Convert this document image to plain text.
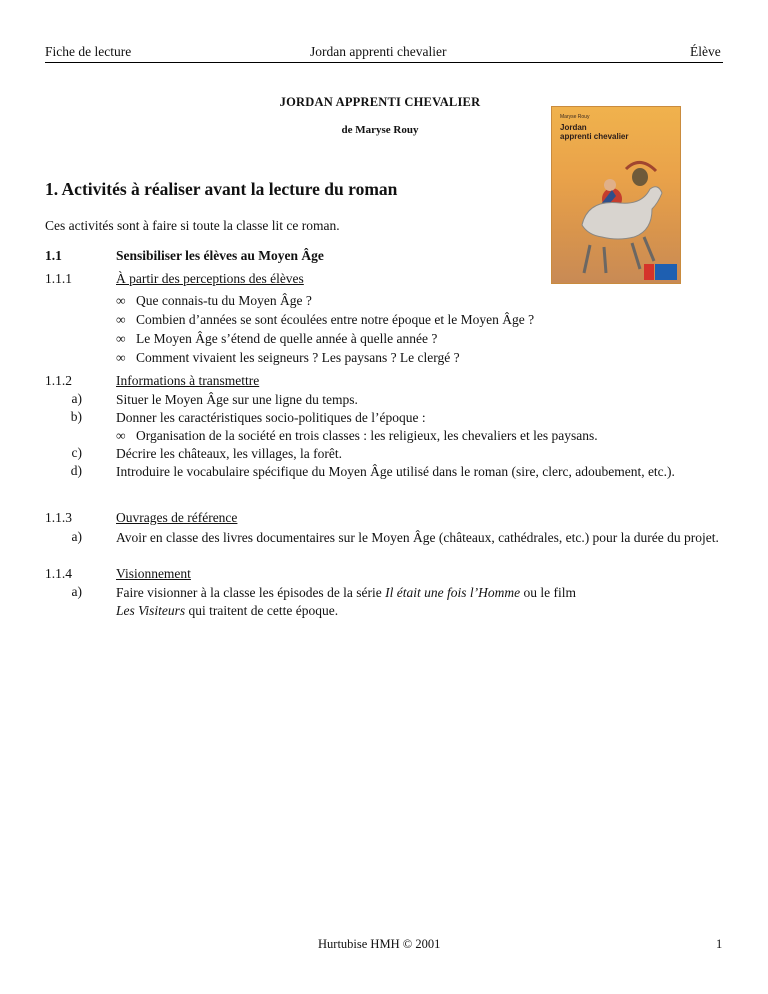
Fiche de lecture	Jordan apprenti chevalier	Élève
JORDAN APPRENTI CHEVALIER
de Maryse Rouy
Maryse Rouy
Jordan
apprenti chevalier
1. Activités à réaliser avant la lecture du roman
Ces activités sont à faire si toute la classe lit ce roman.
1.1	Sensibiliser les élèves au Moyen Âge
1.1.1	À partir des perceptions des élèves
∞ Que connais-tu du Moyen Âge ?
∞ Combien d’années se sont écoulées entre notre époque et le Moyen Âge ?
∞ Le Moyen Âge s’étend de quelle année à quelle année ?
∞ Comment vivaient les seigneurs ? Les paysans ? Le clergé ?
1.1.2	Informations à transmettre
a)	Situer le Moyen Âge sur une ligne du temps.
b)	Donner les caractéristiques socio-politiques de l’époque :
∞ Organisation de la société en trois classes : les religieux, les chevaliers et les paysans.
c)	Décrire les châteaux, les villages, la forêt.
d)	Introduire le vocabulaire spécifique du Moyen Âge utilisé dans le roman (sire, clerc, adoubement, etc.).
1.1.3	Ouvrages de référence
a)	Avoir en classe des livres documentaires sur le Moyen Âge (châteaux, cathédrales, etc.) pour la durée du projet.
1.1.4	Visionnement
a)	Faire visionner à la classe les épisodes de la série Il était une fois l’Homme ou le film
Les Visiteurs qui traitent de cette époque.
Hurtubise HMH © 2001	1
